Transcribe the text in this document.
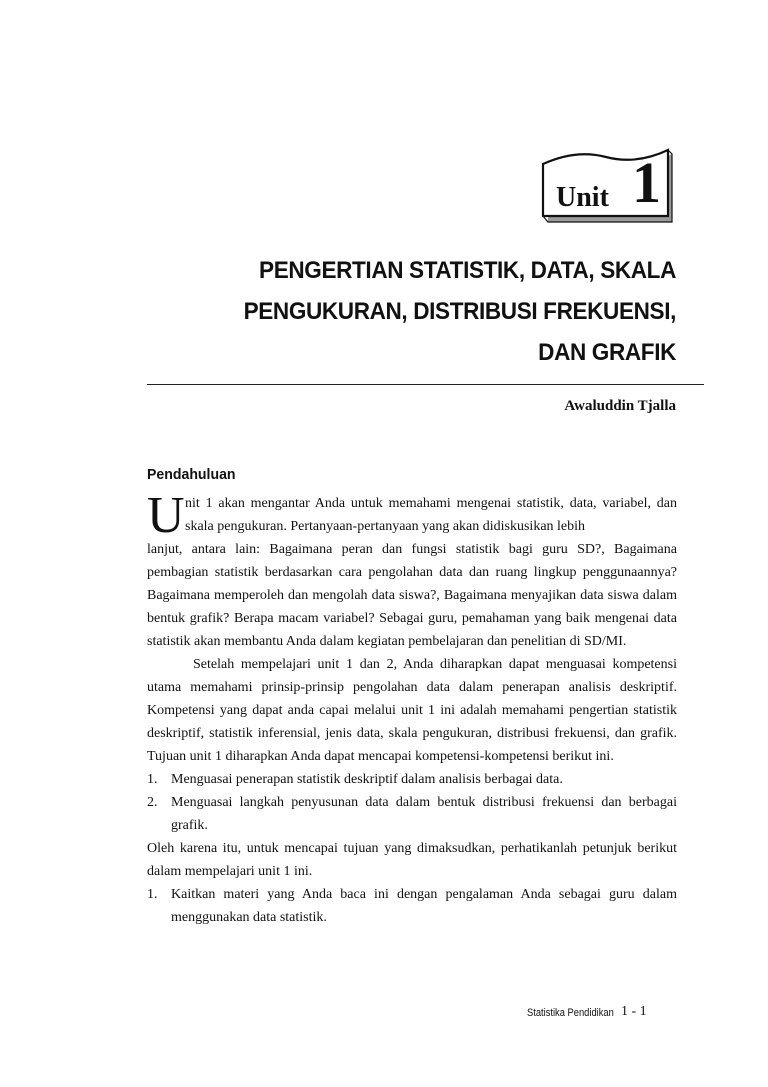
Unit 1
PENGERTIAN STATISTIK, DATA, SKALA
PENGUKURAN, DISTRIBUSI FREKUENSI,
DAN GRAFIK
Awaluddin Tjalla
Pendahuluan
U nit 1 akan mengantar Anda untuk memahami mengenai statistik, data, variabel, dan skala pengukuran. Pertanyaan-pertanyaan yang akan didiskusikan lebih

lanjut, antara lain: Bagaimana peran dan fungsi statistik bagi guru SD?, Bagaimana pembagian statistik berdasarkan cara pengolahan data dan ruang lingkup penggunaannya? Bagaimana memperoleh dan mengolah data siswa?, Bagaimana menyajikan data siswa dalam bentuk grafik? Berapa macam variabel? Sebagai guru, pemahaman yang baik mengenai data statistik akan membantu Anda dalam kegiatan pembelajaran dan penelitian di SD/MI.

Setelah mempelajari unit 1 dan 2, Anda diharapkan dapat menguasai kompetensi utama memahami prinsip-prinsip pengolahan data dalam penerapan analisis deskriptif. Kompetensi yang dapat anda capai melalui unit 1 ini adalah memahami pengertian statistik deskriptif, statistik inferensial, jenis data, skala pengukuran, distribusi frekuensi, dan grafik. Tujuan unit 1 diharapkan Anda dapat mencapai kompetensi-kompetensi berikut ini.

1. Menguasai penerapan statistik deskriptif dalam analisis berbagai data.
2. Menguasai langkah penyusunan data dalam bentuk distribusi frekuensi dan berbagai grafik.

Oleh karena itu, untuk mencapai tujuan yang dimaksudkan, perhatikanlah petunjuk berikut dalam mempelajari unit 1 ini.

1. Kaitkan materi yang Anda baca ini dengan pengalaman Anda sebagai guru dalam menggunakan data statistik.
Statistika Pendidikan 1 - 1
